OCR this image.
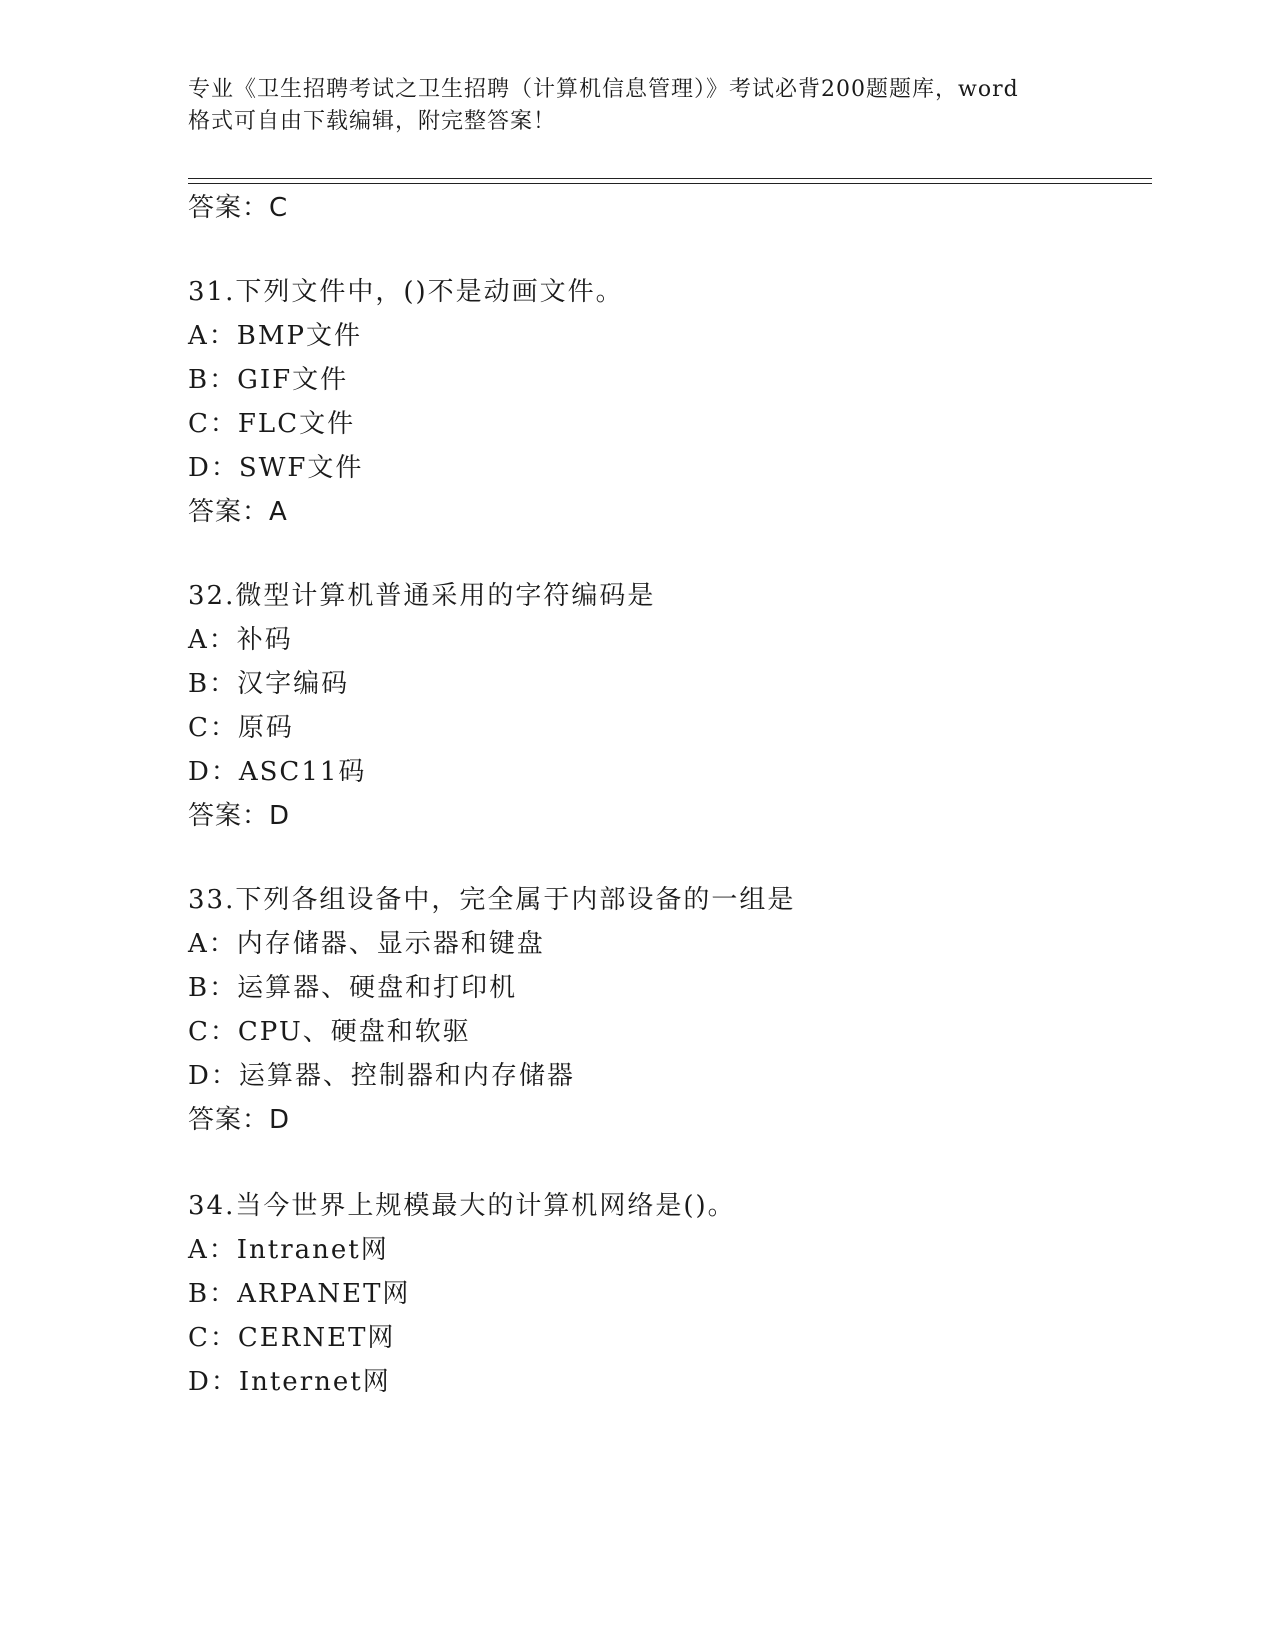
专业《卫生招聘考试之卫生招聘（计算机信息管理）》考试必背200题题库，word
格式可自由下载编辑，附完整答案！
答案：C
31.下列文件中，()不是动画文件。
A：BMP文件
B：GIF文件
C：FLC文件
D：SWF文件
答案：A
32.微型计算机普通采用的字符编码是
A：补码
B：汉字编码
C：原码
D：ASC11码
答案：D
33.下列各组设备中，完全属于内部设备的一组是
A：内存储器、显示器和键盘
B：运算器、硬盘和打印机
C：CPU、硬盘和软驱
D：运算器、控制器和内存储器
答案：D
34.当今世界上规模最大的计算机网络是()。
A：Intranet网
B：ARPANET网
C：CERNET网
D：Internet网
